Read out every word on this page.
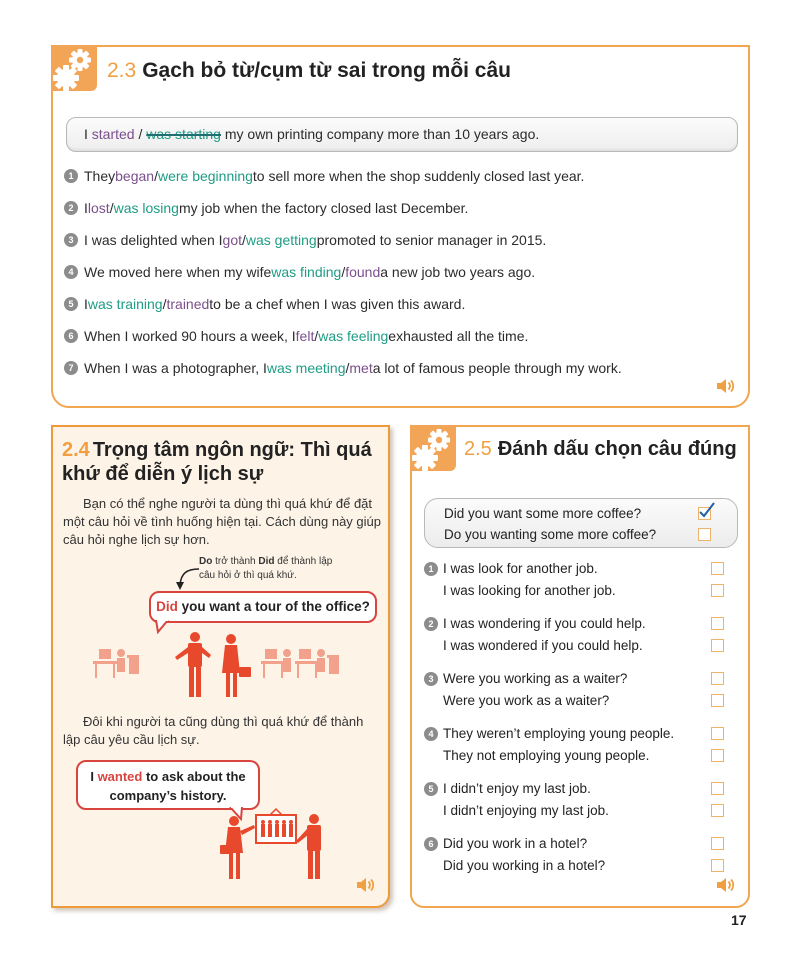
2.3 Gạch bỏ từ/cụm từ sai trong mỗi câu
I started / was starting my own printing company more than 10 years ago.
1 They began / were beginning to sell more when the shop suddenly closed last year.
2 I lost / was losing my job when the factory closed last December.
3 I was delighted when I got / was getting promoted to senior manager in 2015.
4 We moved here when my wife was finding / found a new job two years ago.
5 I was training / trained to be a chef when I was given this award.
6 When I worked 90 hours a week, I felt / was feeling exhausted all the time.
7 When I was a photographer, I was meeting / met a lot of famous people through my work.
2.4 Trọng tâm ngôn ngữ: Thì quá khứ để diễn ý lịch sự

Bạn có thể nghe người ta dùng thì quá khứ để đặt một câu hỏi về tình huống hiện tại. Cách dùng này giúp câu hỏi nghe lịch sự hơn.

Do trở thành Did để thành lập
câu hỏi ở thì quá khứ.
Did you want a tour of the office?

Đôi khi người ta cũng dùng thì quá khứ để thành lập câu yêu cầu lịch sự.

I wanted to ask about the company’s history.
2.5 Đánh dấu chọn câu đúng
Did you want some more coffee?
Do you wanting some more coffee?
1 I was look for another job.
I was looking for another job.
2 I was wondering if you could help.
I was wondered if you could help.
3 Were you working as a waiter?
Were you work as a waiter?
4 They weren’t employing young people.
They not employing young people.
5 I didn’t enjoy my last job.
I didn’t enjoying my last job.
6 Did you work in a hotel?
Did you working in a hotel?
17
